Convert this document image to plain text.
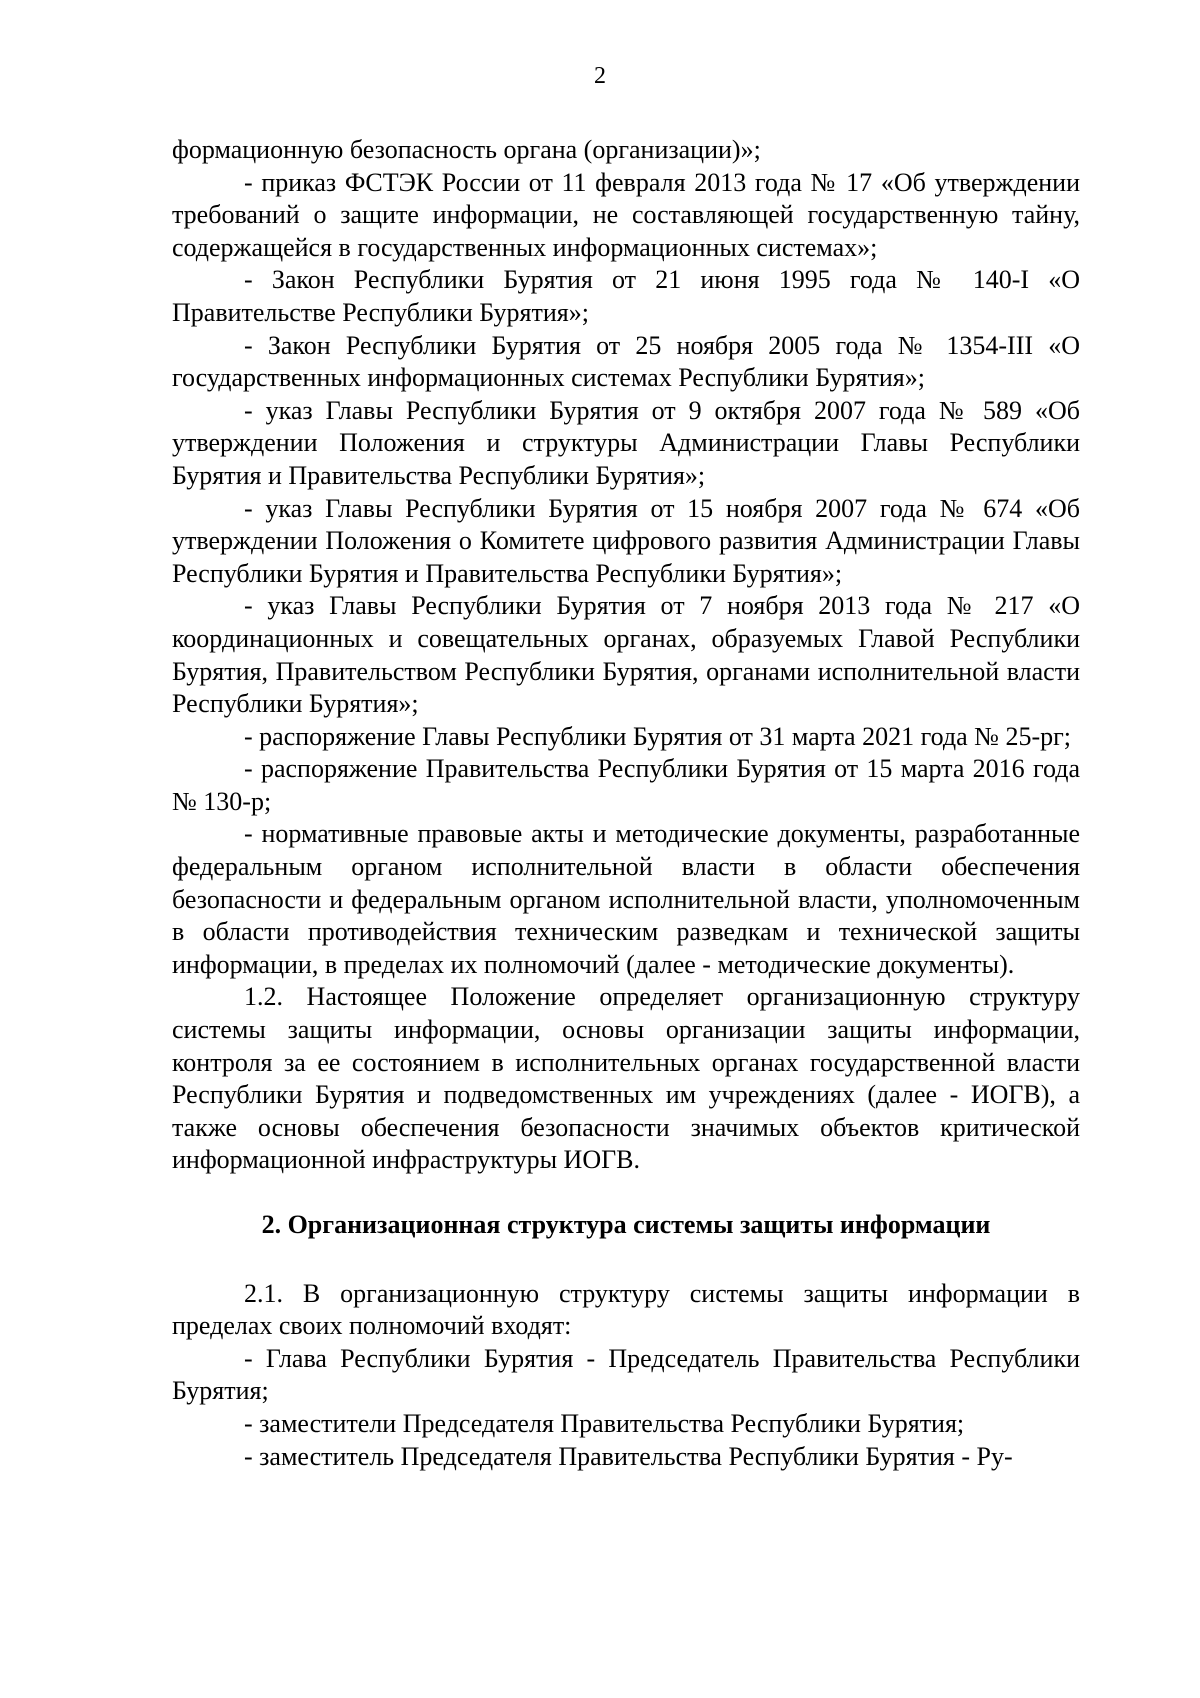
2

формационную безопасность органа (организации)»;

- приказ ФСТЭК России от 11 февраля 2013 года № 17 «Об утверждении требований о защите информации, не составляющей государственную тайну, содержащейся в государственных информационных системах»;

- Закон Республики Бурятия от 21 июня 1995 года № 140-I «О Правительстве Республики Бурятия»;

- Закон Республики Бурятия от 25 ноября 2005 года № 1354-III «О государственных информационных системах Республики Бурятия»;

- указ Главы Республики Бурятия от 9 октября 2007 года № 589 «Об утверждении Положения и структуры Администрации Главы Республики Бурятия и Правительства Республики Бурятия»;

- указ Главы Республики Бурятия от 15 ноября 2007 года № 674 «Об утверждении Положения о Комитете цифрового развития Администрации Главы Республики Бурятия и Правительства Республики Бурятия»;

- указ Главы Республики Бурятия от 7 ноября 2013 года № 217 «О координационных и совещательных органах, образуемых Главой Республики Бурятия, Правительством Республики Бурятия, органами исполнительной власти Республики Бурятия»;

- распоряжение Главы Республики Бурятия от 31 марта 2021 года № 25-рг;

- распоряжение Правительства Республики Бурятия от 15 марта 2016 года № 130-р;

- нормативные правовые акты и методические документы, разработанные федеральным органом исполнительной власти в области обеспечения безопасности и федеральным органом исполнительной власти, уполномоченным в области противодействия техническим разведкам и технической защиты информации, в пределах их полномочий (далее - методические документы).

1.2. Настоящее Положение определяет организационную структуру системы защиты информации, основы организации защиты информации, контроля за ее состоянием в исполнительных органах государственной власти Республики Бурятия и подведомственных им учреждениях (далее - ИОГВ), а также основы обеспечения безопасности значимых объектов критической информационной инфраструктуры ИОГВ.

2. Организационная структура системы защиты информации

2.1. В организационную структуру системы защиты информации в пределах своих полномочий входят:

- Глава Республики Бурятия - Председатель Правительства Республики Бурятия;

- заместители Председателя Правительства Республики Бурятия;

- заместитель Председателя Правительства Республики Бурятия - Ру-
